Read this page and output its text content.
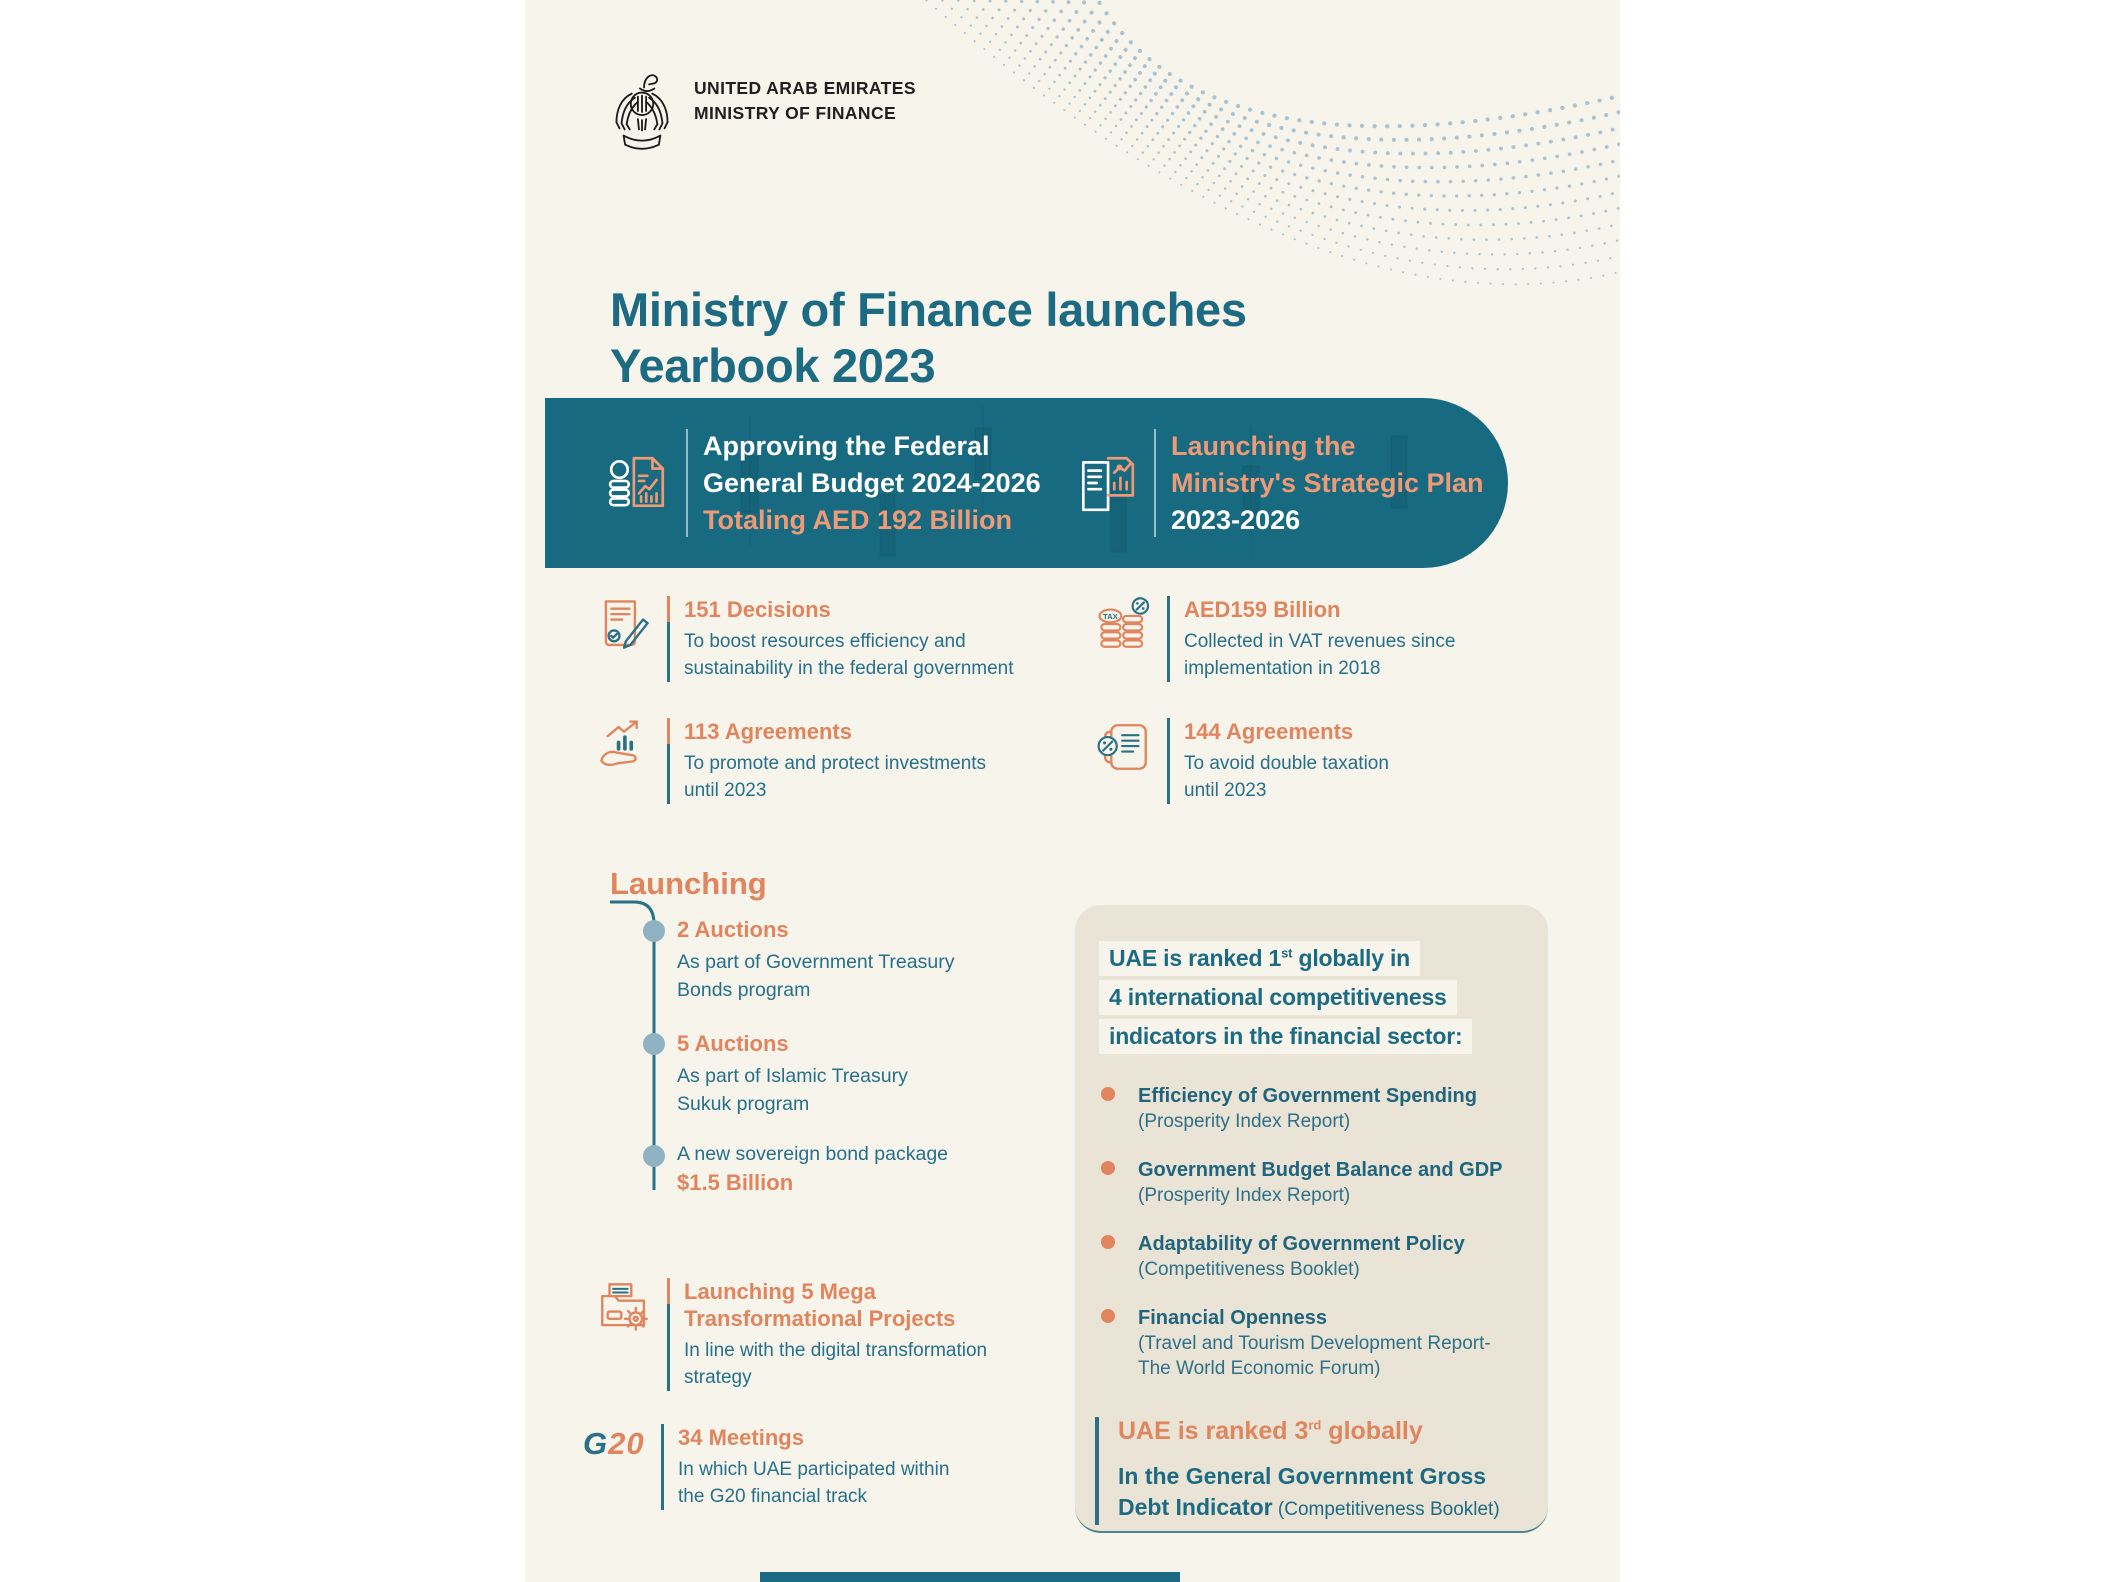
UNITED ARAB EMIRATES
MINISTRY OF FINANCE
Ministry of Finance launches
Yearbook 2023
Approving the Federal
General Budget 2024-2026
Totaling AED 192 Billion
Launching the
Ministry's Strategic Plan
2023-2026
151 Decisions
To boost resources efficiency and
sustainability in the federal government
TAX	AED159 Billion
Collected in VAT revenues since
implementation in 2018
113 Agreements
To promote and protect investments
until 2023
144 Agreements
To avoid double taxation
until 2023
Launching
2 Auctions
As part of Government Treasury
Bonds program
5 Auctions
As part of Islamic Treasury
Sukuk program
A new sovereign bond package
$1.5 Billion
Launching 5 Mega
Transformational Projects
In line with the digital transformation
strategy
G20 34 Meetings
In which UAE participated within
the G20 financial track
UAE is ranked 1st globally in
4 international competitiveness
indicators in the financial sector:
Efficiency of Government Spending

(Prosperity Index Report)

Government Budget Balance and GDP

(Prosperity Index Report)

Adaptability of Government Policy

(Competitiveness Booklet)

Financial Openness

(Travel and Tourism Development Report- The World Economic Forum)

UAE is ranked 3rd globally
In the General Government Gross Debt Indicator (Competitiveness Booklet)
